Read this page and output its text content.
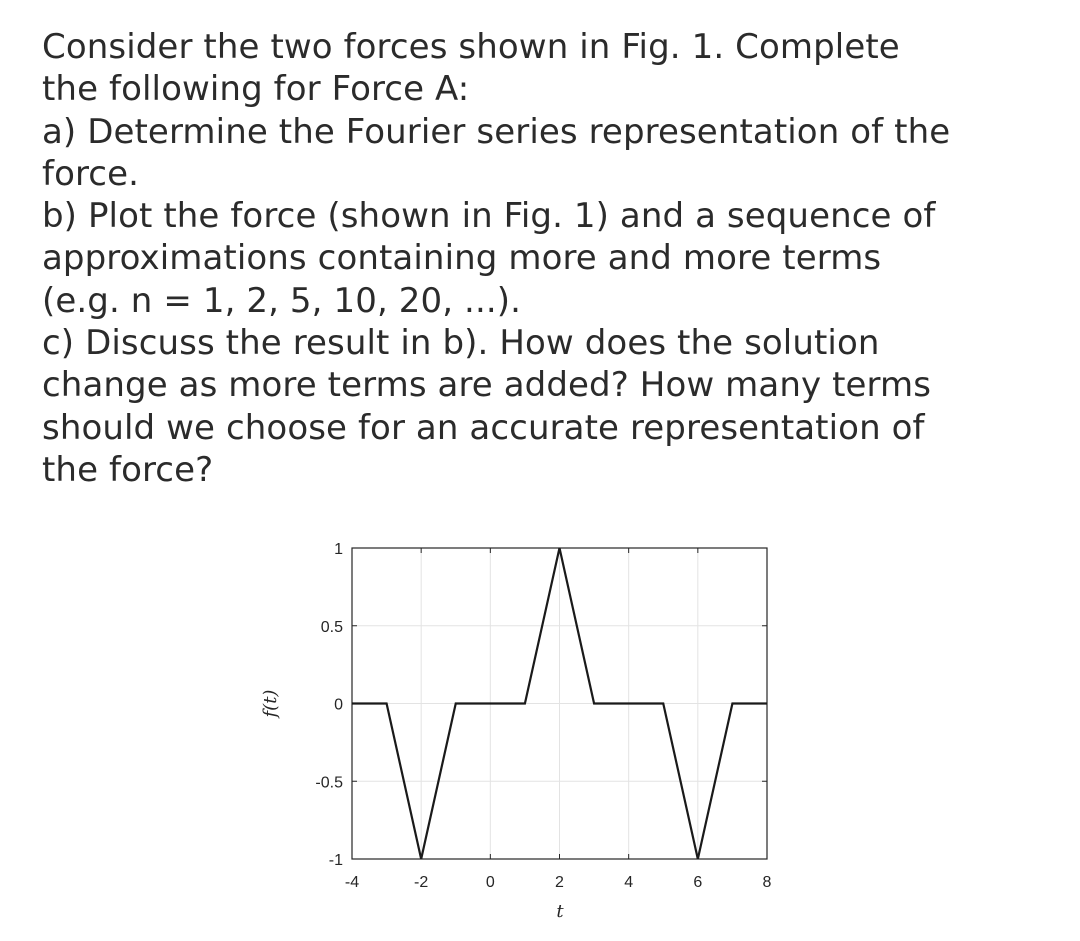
Consider the two forces shown in Fig. 1. Complete
the following for Force A:
a) Determine the Fourier series representation of the
force.
b) Plot the force (shown in Fig. 1) and a sequence of
approximations containing more and more terms
(e.g. n = 1, 2, 5, 10, 20, ...).
c) Discuss the result in b). How does the solution
change as more terms are added? How many terms
should we choose for an accurate representation of
the force?
-4	-2	0	2	4	6	8
-1
-0.5
0
0.5
1
t
f(t)
